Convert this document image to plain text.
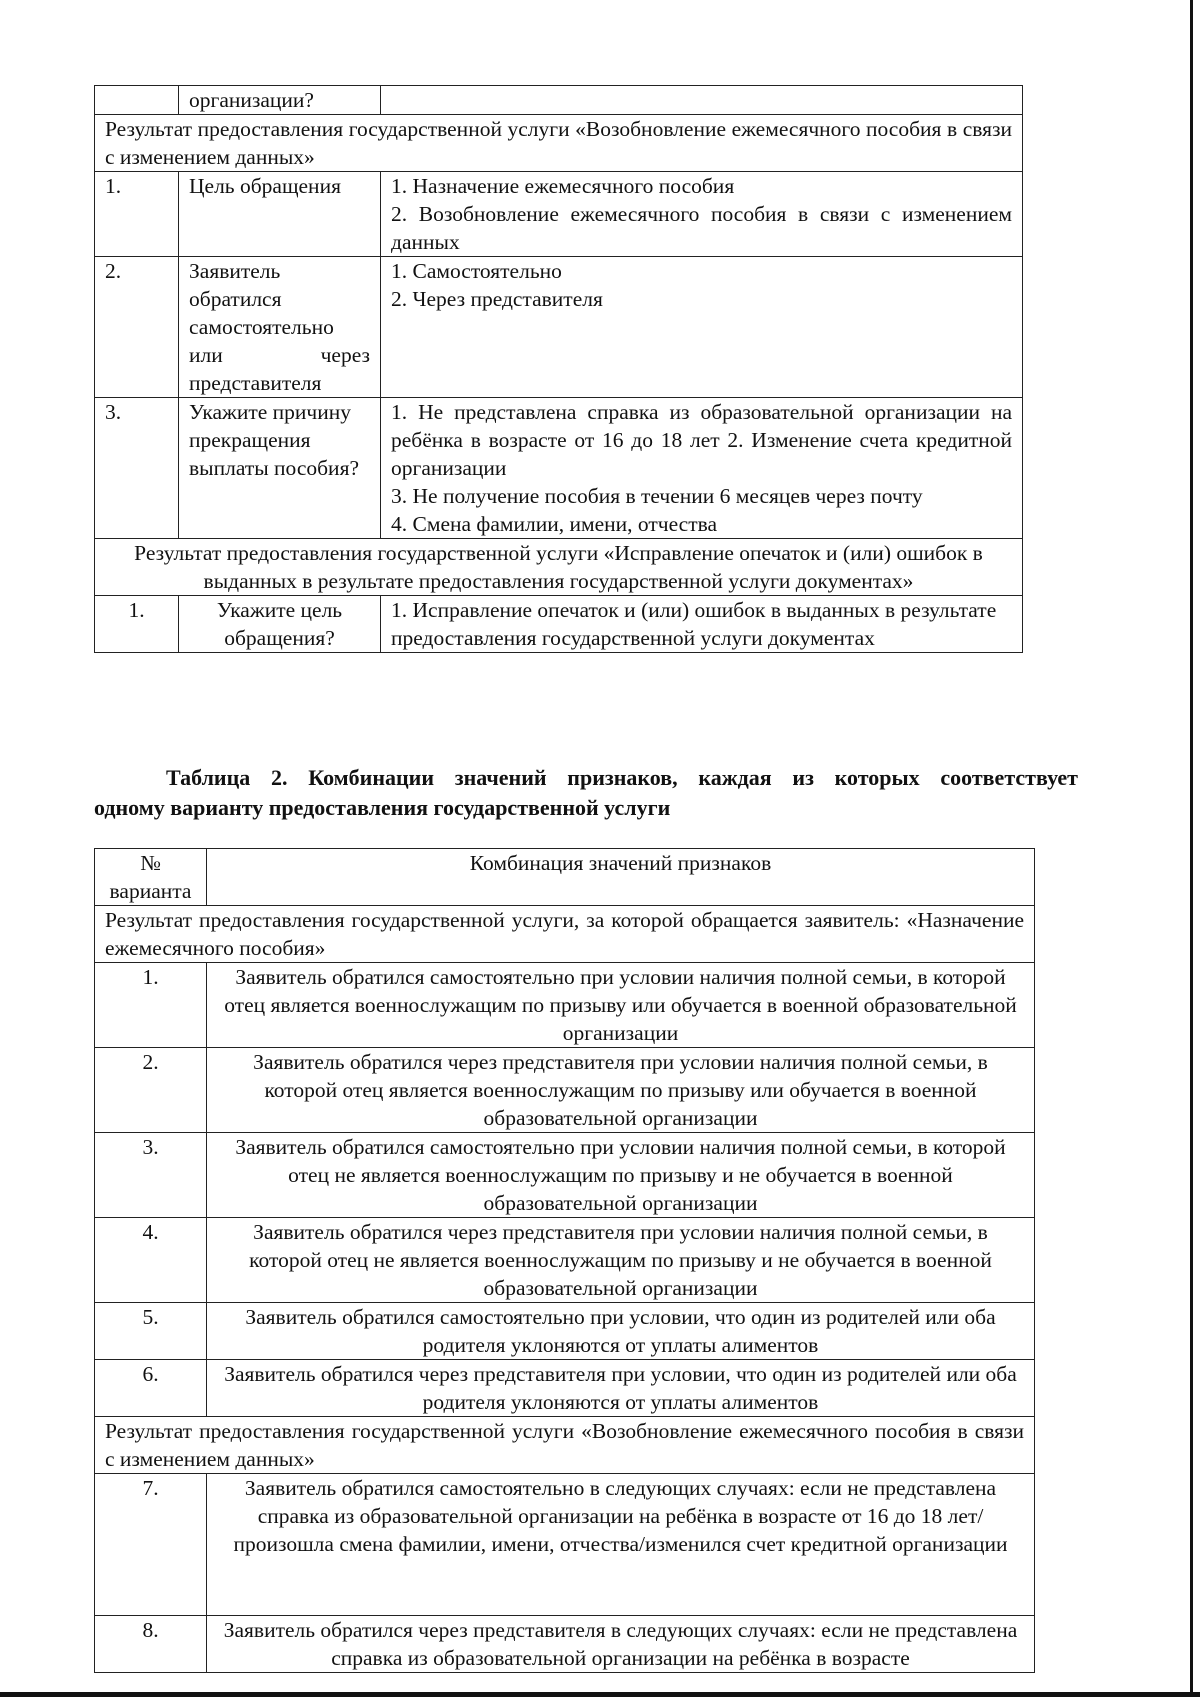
	организации?	
Результат предоставления государственной услуги «Возобновление ежемесячного пособия в связи с изменением данных»		
1.	Цель обращения	1. Назначение ежемесячного пособия
2. Возобновление ежемесячного пособия в связи с изменением данных

2.	Заявитель обратился самостоятельно или через представителя	1. Самостоятельно
2. Через представителя

3.	Укажите причину прекращения выплаты пособия?	1. Не представлена справка из образовательной организации на ребёнка в возрасте от 16 до 18 лет 2. Изменение счета кредитной организации
3. Не получение пособия в течении 6 месяцев через почту
4. Смена фамилии, имени, отчества

Результат предоставления государственной услуги «Исправление опечаток и (или) ошибок в выданных в результате предоставления государственной услуги документах»		
1.	Укажите цель обращения?	1. Исправление опечаток и (или) ошибок в выданных в результате предоставления государственной услуги документах
Таблица 2. Комбинации значений признаков, каждая из которых соответствует
одному варианту предоставления государственной услуги
№
варианта	Комбинация значений признаков
Результат предоставления государственной услуги, за которой обращается заявитель: «Назначение ежемесячного пособия»	
1.	Заявитель обратился самостоятельно при условии наличия полной семьи, в которой отец является военнослужащим по призыву или обучается в военной образовательной организации
2.	Заявитель обратился через представителя при условии наличия полной семьи, в которой отец является военнослужащим по призыву или обучается в военной образовательной организации
3.	Заявитель обратился самостоятельно при условии наличия полной семьи, в которой отец не является военнослужащим по призыву и не обучается в военной образовательной организации
4.	Заявитель обратился через представителя при условии наличия полной семьи, в которой отец не является военнослужащим по призыву и не обучается в военной образовательной организации
5.	Заявитель обратился самостоятельно при условии, что один из родителей или оба родителя уклоняются от уплаты алиментов
6.	Заявитель обратился через представителя при условии, что один из родителей или оба родителя уклоняются от уплаты алиментов
Результат предоставления государственной услуги «Возобновление ежемесячного пособия в связи с изменением данных»	
7.	Заявитель обратился самостоятельно в следующих случаях: если не представлена справка из образовательной организации на ребёнка в возрасте от 16 до 18 лет/ произошла смена фамилии, имени, отчества/изменился счет кредитной организации
8.	Заявитель обратился через представителя в следующих случаях: если не представлена справка из образовательной организации на ребёнка в возрасте
